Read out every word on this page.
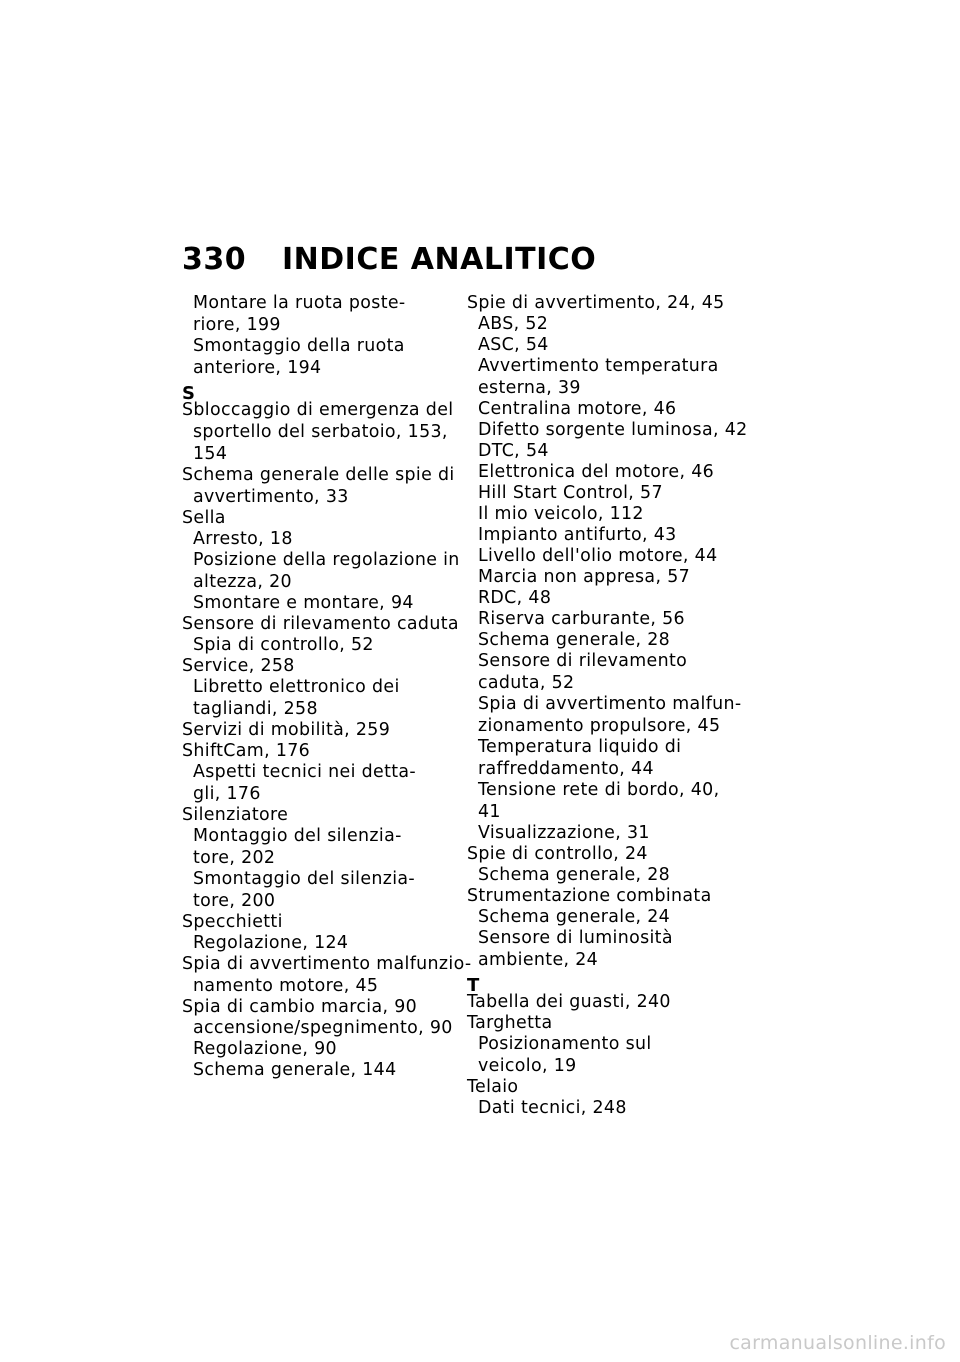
330 INDICE ANALITICO
Montare la ruota poste-
riore, 199
Smontaggio della ruota
anteriore, 194
S
Sbloccaggio di emergenza del
sportello del serbatoio, 153,
154
Schema generale delle spie di
avvertimento, 33
Sella
Arresto, 18
Posizione della regolazione in
altezza, 20
Smontare e montare, 94
Sensore di rilevamento caduta
Spia di controllo, 52
Service, 258
Libretto elettronico dei
tagliandi, 258
Servizi di mobilità, 259
ShiftCam, 176
Aspetti tecnici nei detta-
gli, 176
Silenziatore
Montaggio del silenzia-
tore, 202
Smontaggio del silenzia-
tore, 200
Specchietti
Regolazione, 124
Spia di avvertimento malfunzio-
namento motore, 45
Spia di cambio marcia, 90
accensione/spegnimento, 90
Regolazione, 90
Schema generale, 144
Spie di avvertimento, 24, 45
ABS, 52
ASC, 54
Avvertimento temperatura
esterna, 39
Centralina motore, 46
Difetto sorgente luminosa, 42
DTC, 54
Elettronica del motore, 46
Hill Start Control, 57
Il mio veicolo, 112
Impianto antifurto, 43
Livello dell'olio motore, 44
Marcia non appresa, 57
RDC, 48
Riserva carburante, 56
Schema generale, 28
Sensore di rilevamento
caduta, 52
Spia di avvertimento malfun-
zionamento propulsore, 45
Temperatura liquido di
raffreddamento, 44
Tensione rete di bordo, 40,
41
Visualizzazione, 31
Spie di controllo, 24
Schema generale, 28
Strumentazione combinata
Schema generale, 24
Sensore di luminosità
ambiente, 24
T
Tabella dei guasti, 240
Targhetta
Posizionamento sul
veicolo, 19
Telaio
Dati tecnici, 248
carmanualsonline.info
